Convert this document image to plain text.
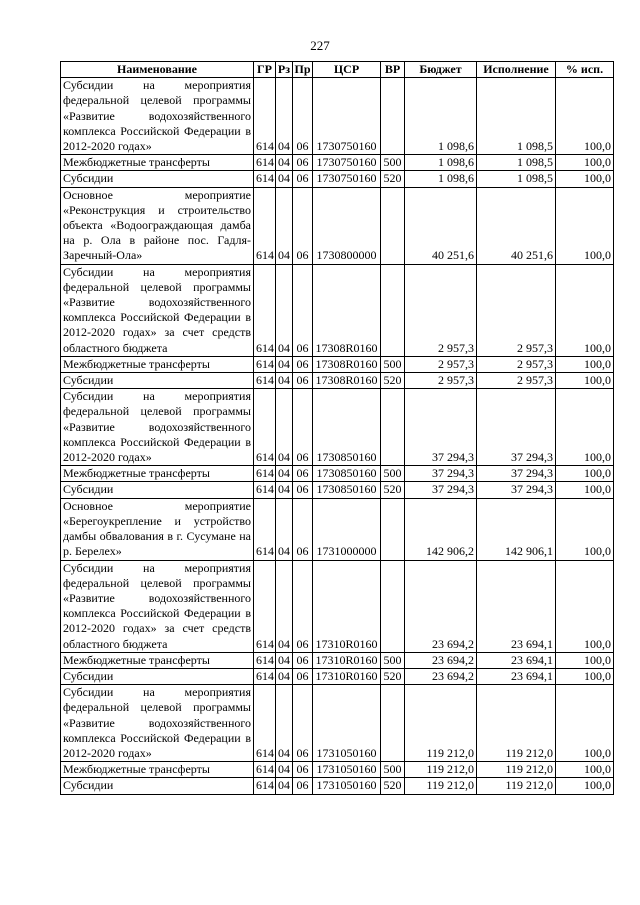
227
Наименование	ГР	Рз	Пр	ЦСР	ВР	Бюджет	Исполнение	% исп.
Субсидии на мероприятия федеральной целевой программы «Развитие водохозяйственного комплекса Российской Федерации в 2012-2020 годах»	614	04	06	1730750160		1 098,6	1 098,5	100,0
Межбюджетные трансферты	614	04	06	1730750160	500	1 098,6	1 098,5	100,0
Субсидии	614	04	06	1730750160	520	1 098,6	1 098,5	100,0
Основное мероприятие «Реконструкция и строительство объекта «Водоограждающая дамба на р. Ола в районе пос. Гадля-Заречный-Ола»	614	04	06	1730800000		40 251,6	40 251,6	100,0
Субсидии на мероприятия федеральной целевой программы «Развитие водохозяйственного комплекса Российской Федерации в 2012-2020 годах» за счет средств областного бюджета	614	04	06	17308R0160		2 957,3	2 957,3	100,0
Межбюджетные трансферты	614	04	06	17308R0160	500	2 957,3	2 957,3	100,0
Субсидии	614	04	06	17308R0160	520	2 957,3	2 957,3	100,0
Субсидии на мероприятия федеральной целевой программы «Развитие водохозяйственного комплекса Российской Федерации в 2012-2020 годах»	614	04	06	1730850160		37 294,3	37 294,3	100,0
Межбюджетные трансферты	614	04	06	1730850160	500	37 294,3	37 294,3	100,0
Субсидии	614	04	06	1730850160	520	37 294,3	37 294,3	100,0
Основное мероприятие «Берегоукрепление и устройство дамбы обвалования в г. Сусумане на р. Берелех»	614	04	06	1731000000		142 906,2	142 906,1	100,0
Субсидии на мероприятия федеральной целевой программы «Развитие водохозяйственного комплекса Российской Федерации в 2012-2020 годах» за счет средств областного бюджета	614	04	06	17310R0160		23 694,2	23 694,1	100,0
Межбюджетные трансферты	614	04	06	17310R0160	500	23 694,2	23 694,1	100,0
Субсидии	614	04	06	17310R0160	520	23 694,2	23 694,1	100,0
Субсидии на мероприятия федеральной целевой программы «Развитие водохозяйственного комплекса Российской Федерации в 2012-2020 годах»	614	04	06	1731050160		119 212,0	119 212,0	100,0
Межбюджетные трансферты	614	04	06	1731050160	500	119 212,0	119 212,0	100,0
Субсидии	614	04	06	1731050160	520	119 212,0	119 212,0	100,0
